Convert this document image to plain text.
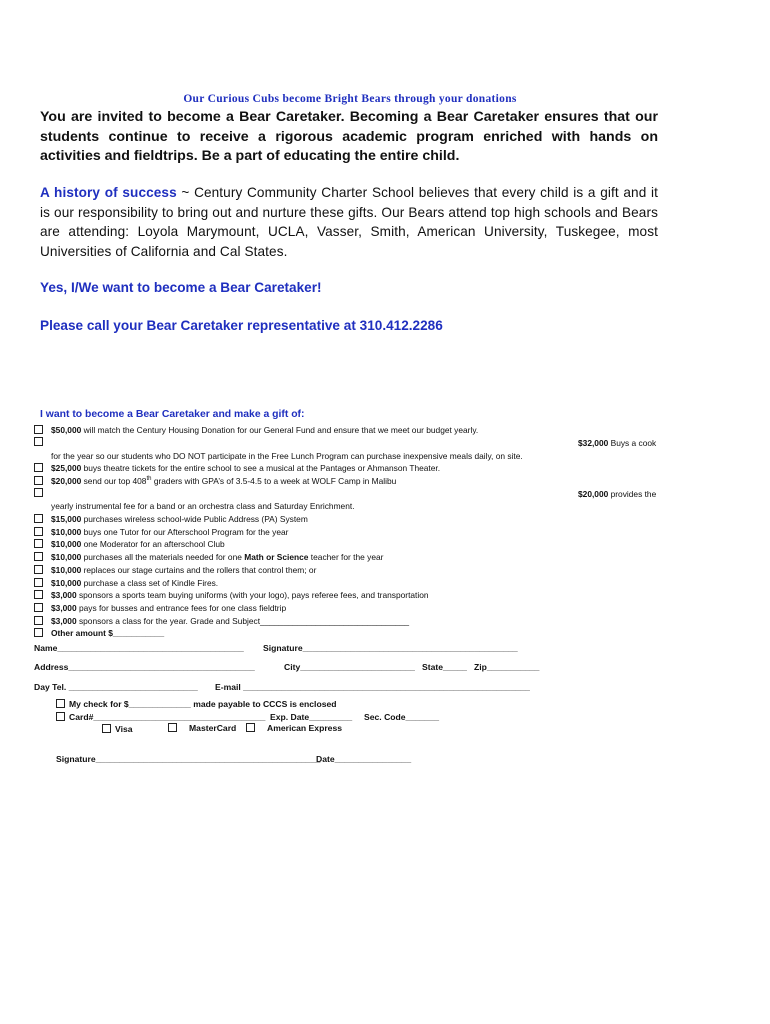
Our Curious Cubs become Bright Bears through your donations
You are invited to become a Bear Caretaker. Becoming a Bear Caretaker ensures that our students continue to receive a rigorous academic program enriched with hands on activities and fieldtrips. Be a part of educating the entire child.
A history of success ~ Century Community Charter School believes that every child is a gift and it is our responsibility to bring out and nurture these gifts. Our Bears attend top high schools and Bears are attending: Loyola Marymount, UCLA, Vasser, Smith, American University, Tuskegee, most Universities of California and Cal States.
Yes, I/We want to become a Bear Caretaker!
Please call your Bear Caretaker representative at 310.412.2286
I want to become a Bear Caretaker and make a gift of:
$50,000 will match the Century Housing Donation for our General Fund and ensure that we meet our budget yearly.
$32,000 Buys a cook
for the year so our students who DO NOT participate in the Free Lunch Program can purchase inexpensive meals daily, on site.
$25,000 buys theatre tickets for the entire school to see a musical at the Pantages or Ahmanson Theater.
$20,000 send our top 408th graders with GPA’s of 3.5-4.5 to a week at WOLF Camp in Malibu
$20,000 provides the
yearly instrumental fee for a band or an orchestra class and Saturday Enrichment.
$15,000 purchases wireless school-wide Public Address (PA) System
$10,000 buys one Tutor for our Afterschool Program for the year
$10,000 one Moderator for an afterschool Club
$10,000 purchases all the materials needed for one Math or Science teacher for the year
$10,000 replaces our stage curtains and the rollers that control them; or
$10,000 purchase a class set of Kindle Fires.
$3,000 sponsors a sports team buying uniforms (with your logo), pays referee fees, and transportation
$3,000 pays for busses and entrance fees for one class fieldtrip
$3,000 sponsors a class for the year. Grade and Subject________________________________
Other amount $___________
Name_______________________________________ Signature_____________________________________________
Address_______________________________________	City________________________ State_____ Zip___________
Day Tel. ___________________________ E-mail ____________________________________________________________
My check for $_____________ made payable to CCCS is enclosed
Card#____________________________________ Exp. Date_________ Sec. Code_______
Visa	MasterCard	American Express
Signature_______________________________________________
Date________________
